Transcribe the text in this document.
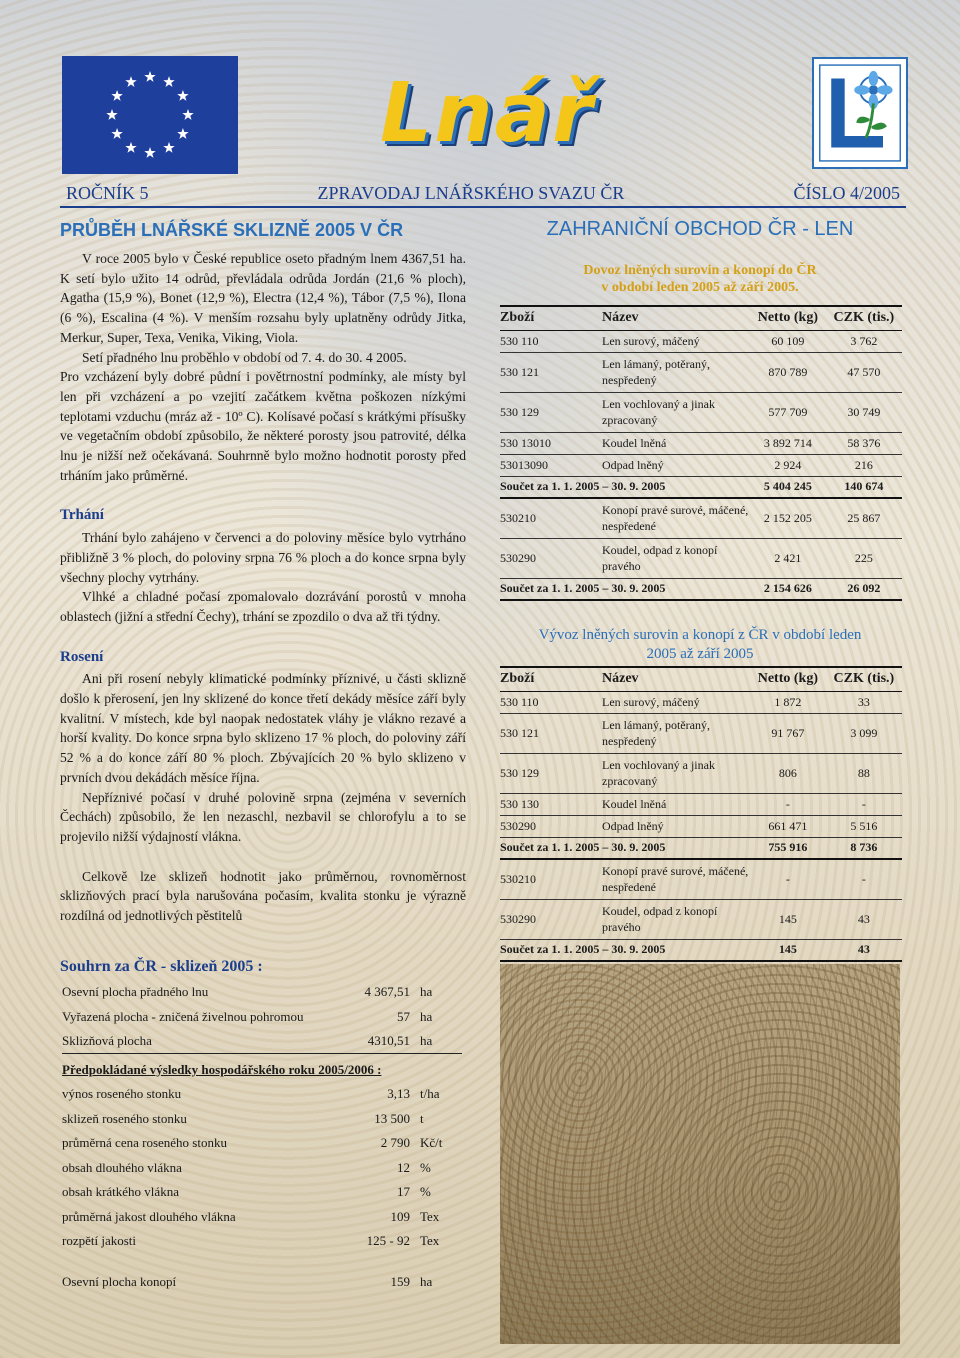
Lnář
ROČNÍK 5	ZPRAVODAJ LNÁŘSKÉHO SVAZU ČR	ČÍSLO 4/2005
PRŮBĚH LNÁŘSKÉ SKLIZNĚ 2005 V ČR

V roce 2005 bylo v České republice oseto přadným lnem 4367,51 ha. K setí bylo užito 14 odrůd, převládala odrůda Jordán (21,6 % ploch), Agatha (15,9 %), Bonet (12,9 %), Electra (12,4 %), Tábor (7,5 %), Ilona (6 %), Escalina (4 %). V menším rozsahu byly uplatněny odrůdy Jitka, Merkur, Super, Texa, Venika, Viking, Viola.

Setí přadného lnu proběhlo v období od 7. 4. do 30. 4 2005.

Pro vzcházení byly dobré půdní i povětrnostní podmínky, ale místy byl len při vzcházení a po vzejití začátkem května poškozen nízkými teplotami vzduchu (mráz až - 10º C). Kolísavé počasí s krátkými přísušky ve vegetačním období způsobilo, že některé porosty jsou patrovité, délka lnu je nižší než očekávaná. Souhrnně bylo možno hodnotit porosty před trháním jako průměrné.

Trhání

Trhání bylo zahájeno v červenci a do poloviny měsíce bylo vytrháno přibližně 3 % ploch, do poloviny srpna 76 % ploch a do konce srpna byly všechny plochy vytrhány.

Vlhké a chladné počasí zpomalovalo dozrávání porostů v mnoha oblastech (jižní a střední Čechy), trhání se zpozdilo o dva až tři týdny.

Rosení

Ani při rosení nebyly klimatické podmínky příznivé, u části sklizně došlo k přerosení, jen lny sklizené do konce třetí dekády měsíce září byly kvalitní. V místech, kde byl naopak nedostatek vláhy je vlákno rezavé a horší kvality. Do konce srpna bylo sklizeno 17 % ploch, do poloviny září 52 % a do konce září 80 % ploch. Zbývajících 20 % bylo sklizeno v prvních dvou dekádách měsíce října.

Nepříznivé počasí v druhé polovině srpna (zejména v severních Čechách) způsobilo, že len nezaschl, nezbavil se chlorofylu a to se projevilo nižší výdajností vlákna.

Celkově lze sklizeň hodnotit jako průměrnou, rovnoměrnost sklizňových prací byla narušována počasím, kvalita stonku je výrazně rozdílná od jednotlivých pěstitelů

Souhrn za ČR - sklizeň 2005 :
Osevní plocha přadného lnu	4 367,51	ha
Vyřazená plocha - zničená živelnou pohromou	57	ha
Sklizňová plocha	4310,51	ha

Předpokládané výsledky hospodářského roku 2005/2006 :		
výnos roseného stonku	3,13	t/ha
sklizeň roseného stonku	13 500	t
průměrná cena roseného stonku	2 790	Kč/t
obsah dlouhého vlákna	12	%
obsah krátkého vlákna	17	%
průměrná jakost dlouhého vlákna	109	Tex
rozpětí jakosti	125 - 92	Tex
Osevní plocha konopí	159 ha
ZAHRANIČNÍ OBCHOD ČR - LEN
Dovoz lněných surovin a konopí do ČR
v období leden 2005 až září 2005.
Zboží	Název	Netto (kg)	CZK (tis.)
530 110	Len surový, máčený	60 109	3 762
530 121	Len lámaný, potěraný, nespředený	870 789	47 570
530 129	Len vochlovaný a jinak zpracovaný	577 709	30 749
530 13010	Koudel lněná	3 892 714	58 376
53013090	Odpad lněný	2 924	216
Součet za 1. 1. 2005 – 30. 9. 2005		5 404 245	140 674
530210	Konopí pravé surové, máčené, nespředené	2 152 205	25 867
530290	Koudel, odpad z konopí pravého	2 421	225
Součet za 1. 1. 2005 – 30. 9. 2005		2 154 626	26 092
Vývoz lněných surovin a konopí z ČR v období leden
2005 až září 2005
Zboží	Název	Netto (kg)	CZK (tis.)
530 110	Len surový, máčený	1 872	33
530 121	Len lámaný, potěraný, nespředený	91 767	3 099
530 129	Len vochlovaný a jinak zpracovaný	806	88
530 130	Koudel lněná	-	-
530290	Odpad lněný	661 471	5 516
Součet za 1. 1. 2005 – 30. 9. 2005		755 916	8 736
530210	Konopí pravé surové, máčené, nespředené	-	-
530290	Koudel, odpad z konopí pravého	145	43
Součet za 1. 1. 2005 – 30. 9. 2005		145	43
